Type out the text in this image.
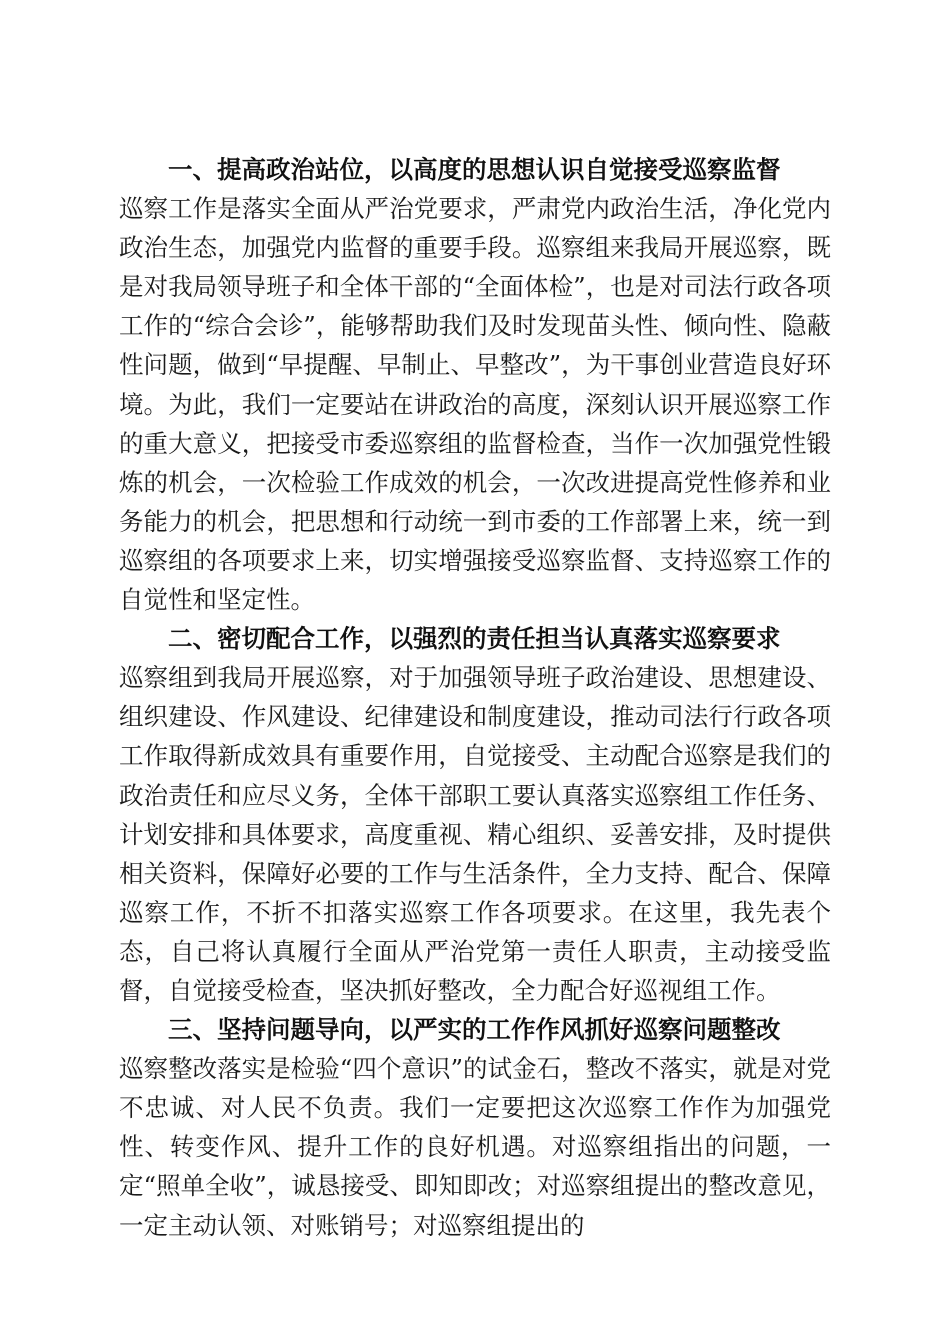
一、提高政治站位，以高度的思想认识自觉接受巡察监督

巡察工作是落实全面从严治党要求，严肃党内政治生活，净化党内政治生态，加强党内监督的重要手段。巡察组来我局开展巡察，既是对我局领导班子和全体干部的“全面体检”，也是对司法行政各项工作的“综合会诊”，能够帮助我们及时发现苗头性、倾向性、隐蔽性问题，做到“早提醒、早制止、早整改”，为干事创业营造良好环境。为此，我们一定要站在讲政治的高度，深刻认识开展巡察工作的重大意义，把接受市委巡察组的监督检查，当作一次加强党性锻炼的机会，一次检验工作成效的机会，一次改进提高党性修养和业务能力的机会，把思想和行动统一到市委的工作部署上来，统一到巡察组的各项要求上来，切实增强接受巡察监督、支持巡察工作的自觉性和坚定性。

二、密切配合工作，以强烈的责任担当认真落实巡察要求

巡察组到我局开展巡察，对于加强领导班子政治建设、思想建设、组织建设、作风建设、纪律建设和制度建设，推动司法行行政各项工作取得新成效具有重要作用，自觉接受、主动配合巡察是我们的政治责任和应尽义务，全体干部职工要认真落实巡察组工作任务、计划安排和具体要求，高度重视、精心组织、妥善安排，及时提供相关资料，保障好必要的工作与生活条件，全力支持、配合、保障巡察工作，不折不扣落实巡察工作各项要求。在这里，我先表个态，自己将认真履行全面从严治党第一责任人职责，主动接受监督，自觉接受检查，坚决抓好整改，全力配合好巡视组工作。

三、坚持问题导向，以严实的工作作风抓好巡察问题整改

巡察整改落实是检验“四个意识”的试金石，整改不落实，就是对党不忠诚、对人民不负责。我们一定要把这次巡察工作作为加强党性、转变作风、提升工作的良好机遇。对巡察组指出的问题，一定“照单全收”，诚恳接受、即知即改；对巡察组提出的整改意见，一定主动认领、对账销号；对巡察组提出的
